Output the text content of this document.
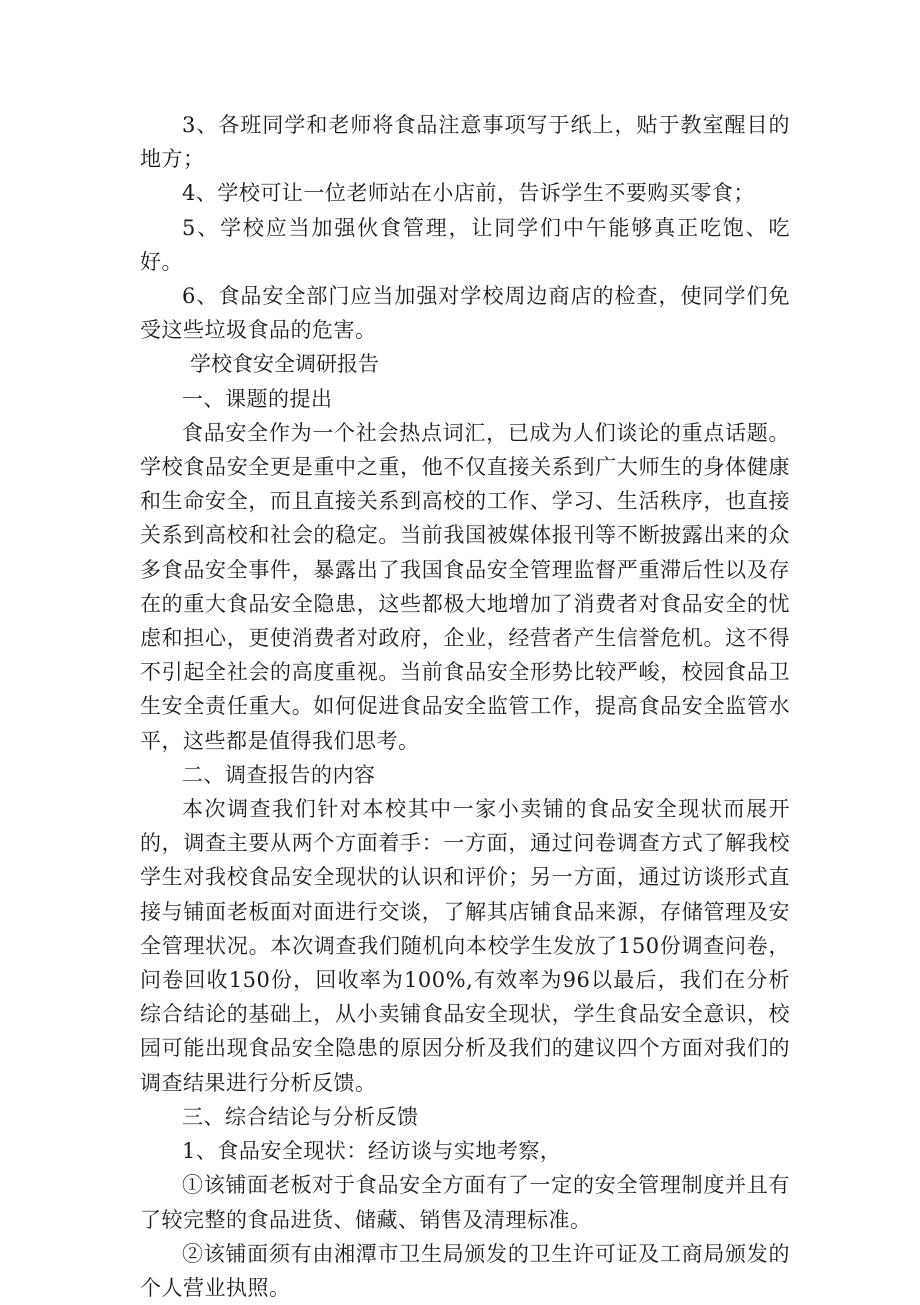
3、各班同学和老师将食品注意事项写于纸上，贴于教室醒目的地方；

4、学校可让一位老师站在小店前，告诉学生不要购买零食；

5、学校应当加强伙食管理，让同学们中午能够真正吃饱、吃好。

6、食品安全部门应当加强对学校周边商店的检查，使同学们免受这些垃圾食品的危害。

学校食安全调研报告

一、课题的提出

食品安全作为一个社会热点词汇，已成为人们谈论的重点话题。学校食品安全更是重中之重，他不仅直接关系到广大师生的身体健康和生命安全，而且直接关系到高校的工作、学习、生活秩序，也直接关系到高校和社会的稳定。当前我国被媒体报刊等不断披露出来的众多食品安全事件，暴露出了我国食品安全管理监督严重滞后性以及存在的重大食品安全隐患，这些都极大地增加了消费者对食品安全的忧虑和担心，更使消费者对政府，企业，经营者产生信誉危机。这不得不引起全社会的高度重视。当前食品安全形势比较严峻，校园食品卫生安全责任重大。如何促进食品安全监管工作，提高食品安全监管水平，这些都是值得我们思考。

二、调查报告的内容

本次调查我们针对本校其中一家小卖铺的食品安全现状而展开的，调查主要从两个方面着手：一方面，通过问卷调查方式了解我校学生对我校食品安全现状的认识和评价；另一方面，通过访谈形式直接与铺面老板面对面进行交谈，了解其店铺食品来源，存储管理及安全管理状况。本次调查我们随机向本校学生发放了150份调查问卷，问卷回收150份，回收率为100%,有效率为96以最后，我们在分析综合结论的基础上，从小卖铺食品安全现状，学生食品安全意识，校园可能出现食品安全隐患的原因分析及我们的建议四个方面对我们的调查结果进行分析反馈。

三、综合结论与分析反馈

1、食品安全现状：经访谈与实地考察，

①该铺面老板对于食品安全方面有了一定的安全管理制度并且有了较完整的食品进货、储藏、销售及清理标准。

②该铺面须有由湘潭市卫生局颁发的卫生许可证及工商局颁发的个人营业执照。
